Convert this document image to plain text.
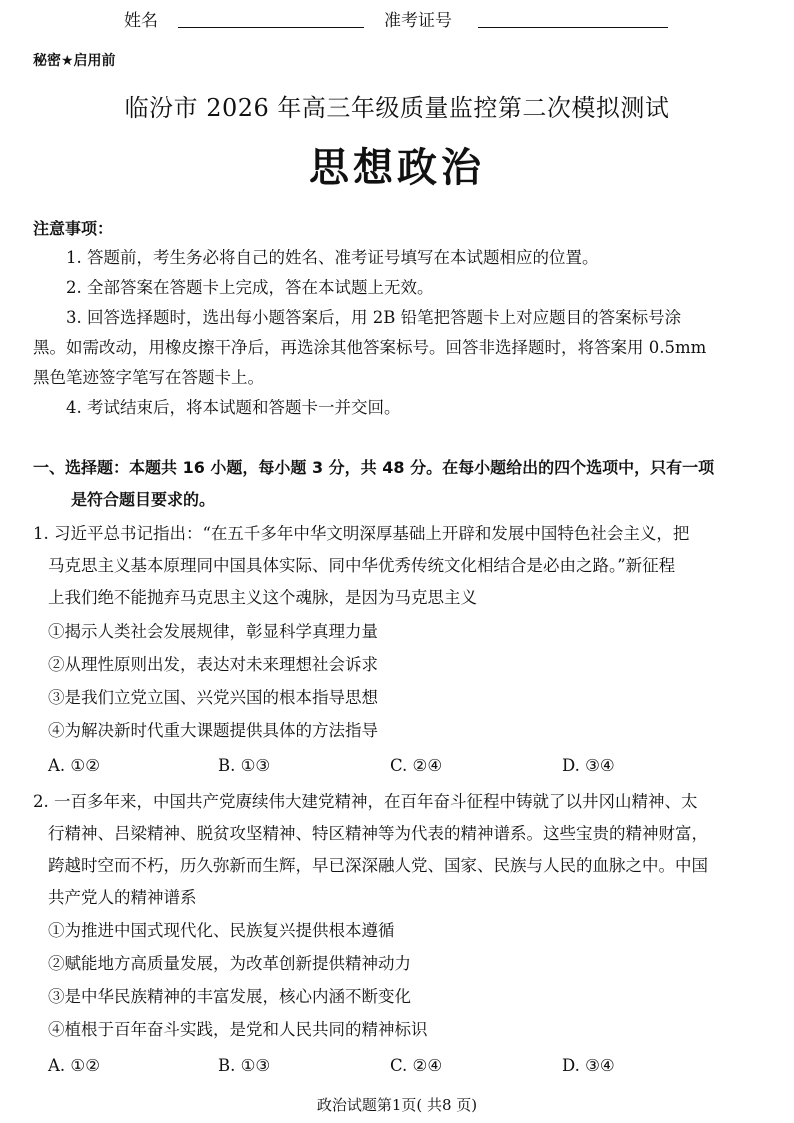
姓名	准考证号
秘密★启用前
临汾市 2026 年高三年级质量监控第二次模拟测试
思想政治
注意事项：
1. 答题前，考生务必将自己的姓名、准考证号填写在本试题相应的位置。
2. 全部答案在答题卡上完成，答在本试题上无效。
3. 回答选择题时，选出每小题答案后，用 2B 铅笔把答题卡上对应题目的答案标号涂
黑。如需改动，用橡皮擦干净后，再选涂其他答案标号。回答非选择题时，将答案用 0.5mm
黑色笔迹签字笔写在答题卡上。
4. 考试结束后，将本试题和答题卡一并交回。
一、选择题：本题共 16 小题，每小题 3 分，共 48 分。在每小题给出的四个选项中，只有一项
是符合题目要求的。
1. 习近平总书记指出：“在五千多年中华文明深厚基础上开辟和发展中国特色社会主义，把
马克思主义基本原理同中国具体实际、同中华优秀传统文化相结合是必由之路。”新征程
上我们绝不能抛弃马克思主义这个魂脉，是因为马克思主义
①揭示人类社会发展规律，彰显科学真理力量
②从理性原则出发，表达对未来理想社会诉求
③是我们立党立国、兴党兴国的根本指导思想
④为解决新时代重大课题提供具体的方法指导
A. ①②	B. ①③	C. ②④	D. ③④
2. 一百多年来，中国共产党赓续伟大建党精神，在百年奋斗征程中铸就了以井冈山精神、太
行精神、吕梁精神、脱贫攻坚精神、特区精神等为代表的精神谱系。这些宝贵的精神财富，
跨越时空而不朽，历久弥新而生辉，早已深深融人党、国家、民族与人民的血脉之中。中国
共产党人的精神谱系
①为推进中国式现代化、民族复兴提供根本遵循
②赋能地方高质量发展，为改革创新提供精神动力
③是中华民族精神的丰富发展，核心内涵不断变化
④植根于百年奋斗实践，是党和人民共同的精神标识
A. ①②	B. ①③	C. ②④	D. ③④
政治试题第1页( 共8 页)
